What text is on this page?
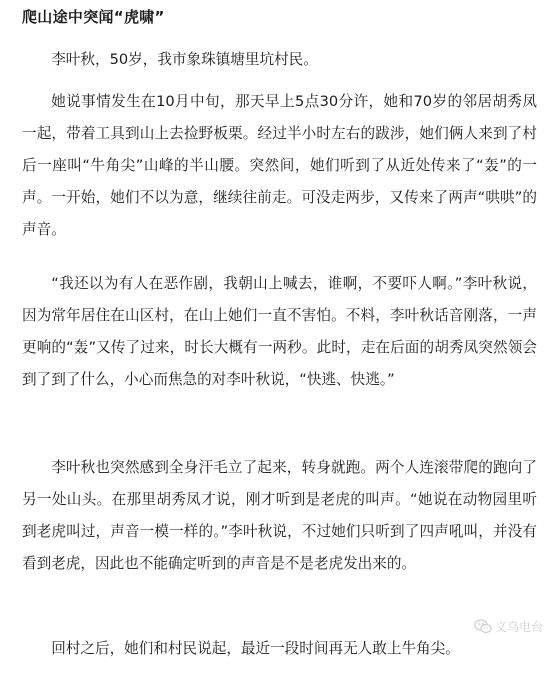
爬山途中突闻“虎啸”

李叶秋，50岁，我市象珠镇塘里坑村民。

她说事情发生在10月中旬，那天早上5点30分许，她和70岁的邻居胡秀凤一起，带着工具到山上去捡野板栗。经过半小时左右的跋涉，她们俩人来到了村后一座叫“牛角尖”山峰的半山腰。突然间，她们听到了从近处传来了“轰”的一声。一开始，她们不以为意，继续往前走。可没走两步，又传来了两声“哄哄”的声音。

“我还以为有人在恶作剧，我朝山上喊去，谁啊，不要吓人啊。”李叶秋说，因为常年居住在山区村，在山上她们一直不害怕。不料，李叶秋话音刚落，一声更响的“轰”又传了过来，时长大概有一两秒。此时，走在后面的胡秀凤突然领会到了到了什么，小心而焦急的对李叶秋说，“快逃、快逃。”

李叶秋也突然感到全身汗毛立了起来，转身就跑。两个人连滚带爬的跑向了另一处山头。在那里胡秀凤才说，刚才听到是老虎的叫声。“她说在动物园里听到老虎叫过，声音一模一样的。”李叶秋说，不过她们只听到了四声吼叫，并没有看到老虎，因此也不能确定听到的声音是不是老虎发出来的。

回村之后，她们和村民说起，最近一段时间再无人敢上牛角尖。

义乌电台
